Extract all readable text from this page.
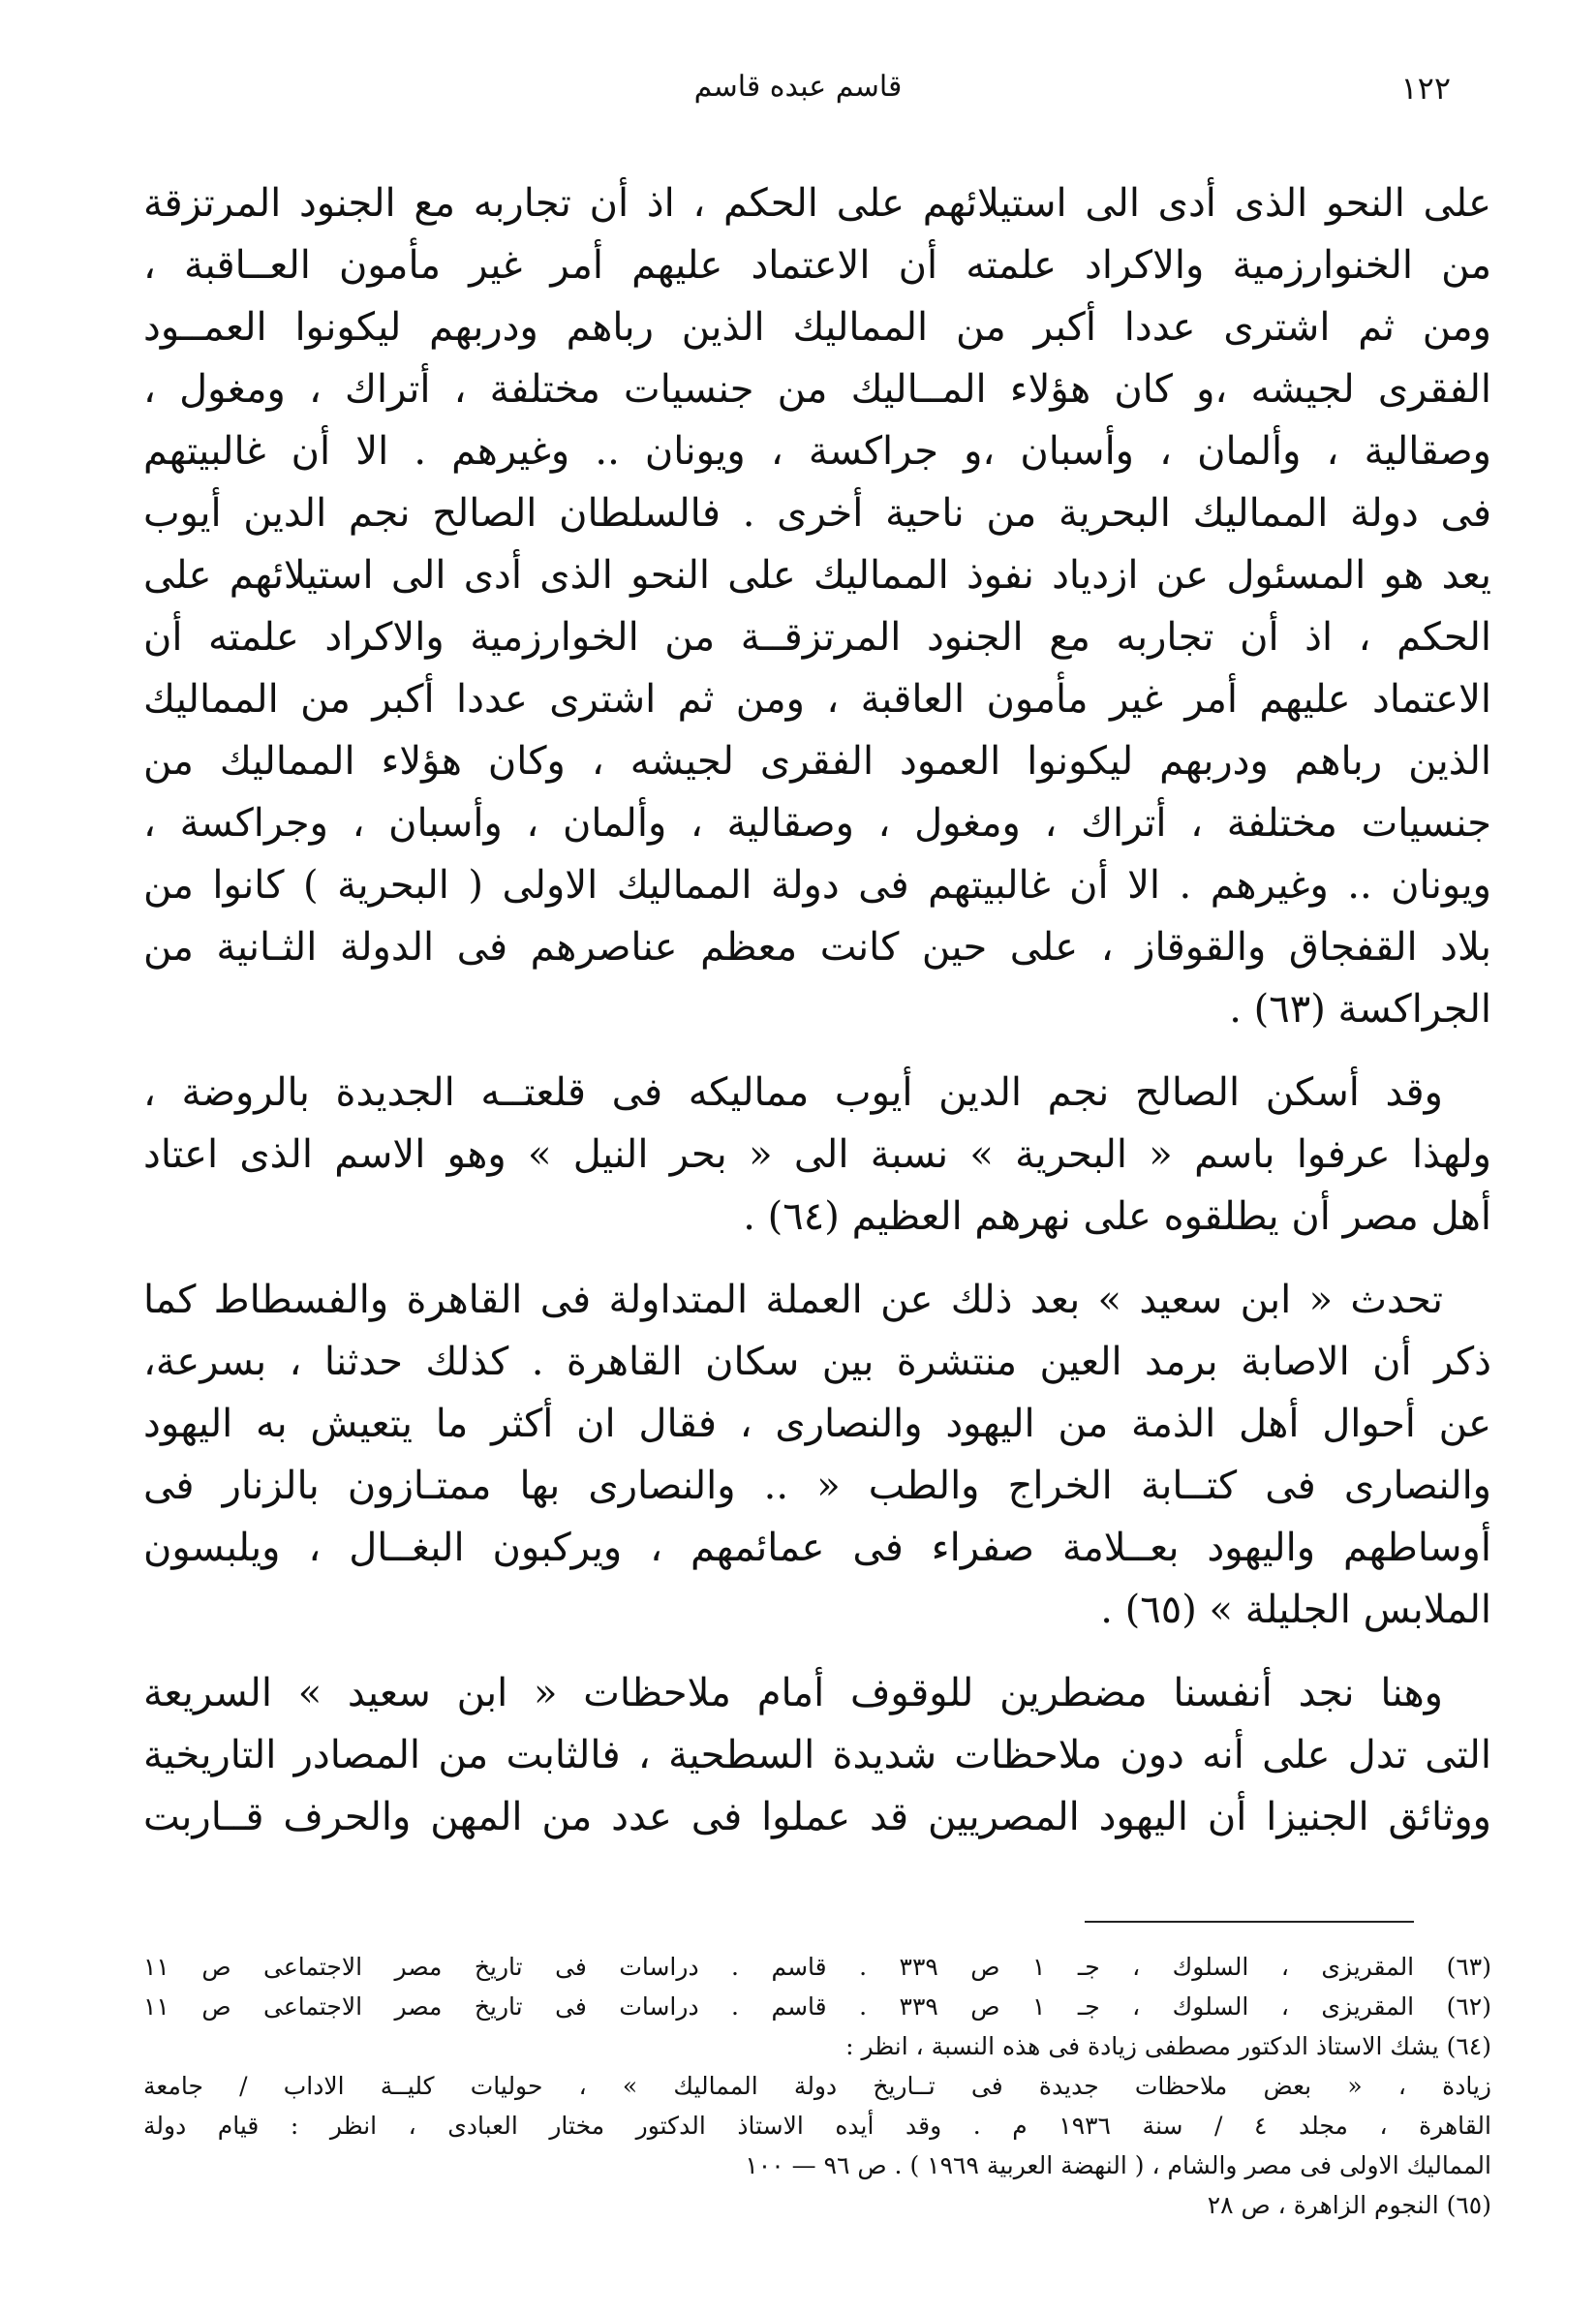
١٢٢
قاسم عبده قاسم
على النحو الذى أدى الى استيلائهم على الحكم ، اذ أن تجاربه مع الجنود المرتزقة
من الخنوارزمية والاكراد علمته أن الاعتماد عليهم أمر غير مأمون العــاقبة ،
ومن ثم اشترى عددا أكبر من المماليك الذين رباهم ودربهم ليكونوا العمــود
الفقرى لجيشه ،و كان هؤلاء المــاليك من جنسيات مختلفة ، أتراك ، ومغول ،
وصقالية ، وألمان ، وأسبان ،و جراكسة ، ويونان .. وغيرهم . الا أن غالبيتهم
فى دولة المماليك البحرية من ناحية أخرى . فالسلطان الصالح نجم الدين أيوب
يعد هو المسئول عن ازدياد نفوذ المماليك على النحو الذى أدى الى استيلائهم على
الحكم ، اذ أن تجاربه مع الجنود المرتزقــة من الخوارزمية والاكراد علمته أن
الاعتماد عليهم أمر غير مأمون العاقبة ، ومن ثم اشترى عددا أكبر من المماليك
الذين رباهم ودربهم ليكونوا العمود الفقرى لجيشه ، وكان هؤلاء المماليك من
جنسيات مختلفة ، أتراك ، ومغول ، وصقالية ، وألمان ، وأسبان ، وجراكسة ،
ويونان .. وغيرهم . الا أن غالبيتهم فى دولة المماليك الاولى ( البحرية ) كانوا من
بلاد القفجاق والقوقاز ، على حين كانت معظم عناصرهم فى الدولة الثـانية من
الجراكسة (٦٣) .
وقد أسكن الصالح نجم الدين أيوب مماليكه فى قلعتــه الجديدة بالروضة ،
ولهذا عرفوا باسم « البحرية » نسبة الى « بحر النيل » وهو الاسم الذى اعتاد
أهل مصر أن يطلقوه على نهرهم العظيم (٦٤) .
تحدث « ابن سعيد » بعد ذلك عن العملة المتداولة فى القاهرة والفسطاط كما
ذكر أن الاصابة برمد العين منتشرة بين سكان القاهرة . كذلك حدثنا ، بسرعة،
عن أحوال أهل الذمة من اليهود والنصارى ، فقال ان أكثر ما يتعيش به اليهود
والنصارى فى كتــابة الخراج والطب « .. والنصارى بها ممتـازون بالزنار فى
أوساطهم واليهود بعــلامة صفراء فى عمائمهم ، ويركبون البغــال ، ويلبسون
الملابس الجليلة » (٦٥) .
وهنا نجد أنفسنا مضطرين للوقوف أمام ملاحظات « ابن سعيد » السريعة
التى تدل على أنه دون ملاحظات شديدة السطحية ، فالثابت من المصادر التاريخية
ووثائق الجنيزا أن اليهود المصريين قد عملوا فى عدد من المهن والحرف قــاربت
(٦٣) المقريزى ، السلوك ، جـ ١ ص ٣٣٩ . قاسم . دراسات فى تاريخ مصر الاجتماعى ص ١١
(٦٢) المقريزى ، السلوك ، جـ ١ ص ٣٣٩ . قاسم . دراسات فى تاريخ مصر الاجتماعى ص ١١
(٦٤) يشك الاستاذ الدكتور مصطفى زيادة فى هذه النسبة ، انظر :
زيادة ، « بعض ملاحظات جديدة فى تــاريخ دولة المماليك » ، حوليات كليــة الاداب / جامعة
القاهرة ، مجلد ٤ / سنة ١٩٣٦ م . وقد أيده الاستاذ الدكتور مختار العبادى ، انظر : قيام دولة
المماليك الاولى فى مصر والشام ، ( النهضة العربية ١٩٦٩ ) . ص ٩٦ — ١٠٠
(٦٥) النجوم الزاهرة ، ص ٢٨
